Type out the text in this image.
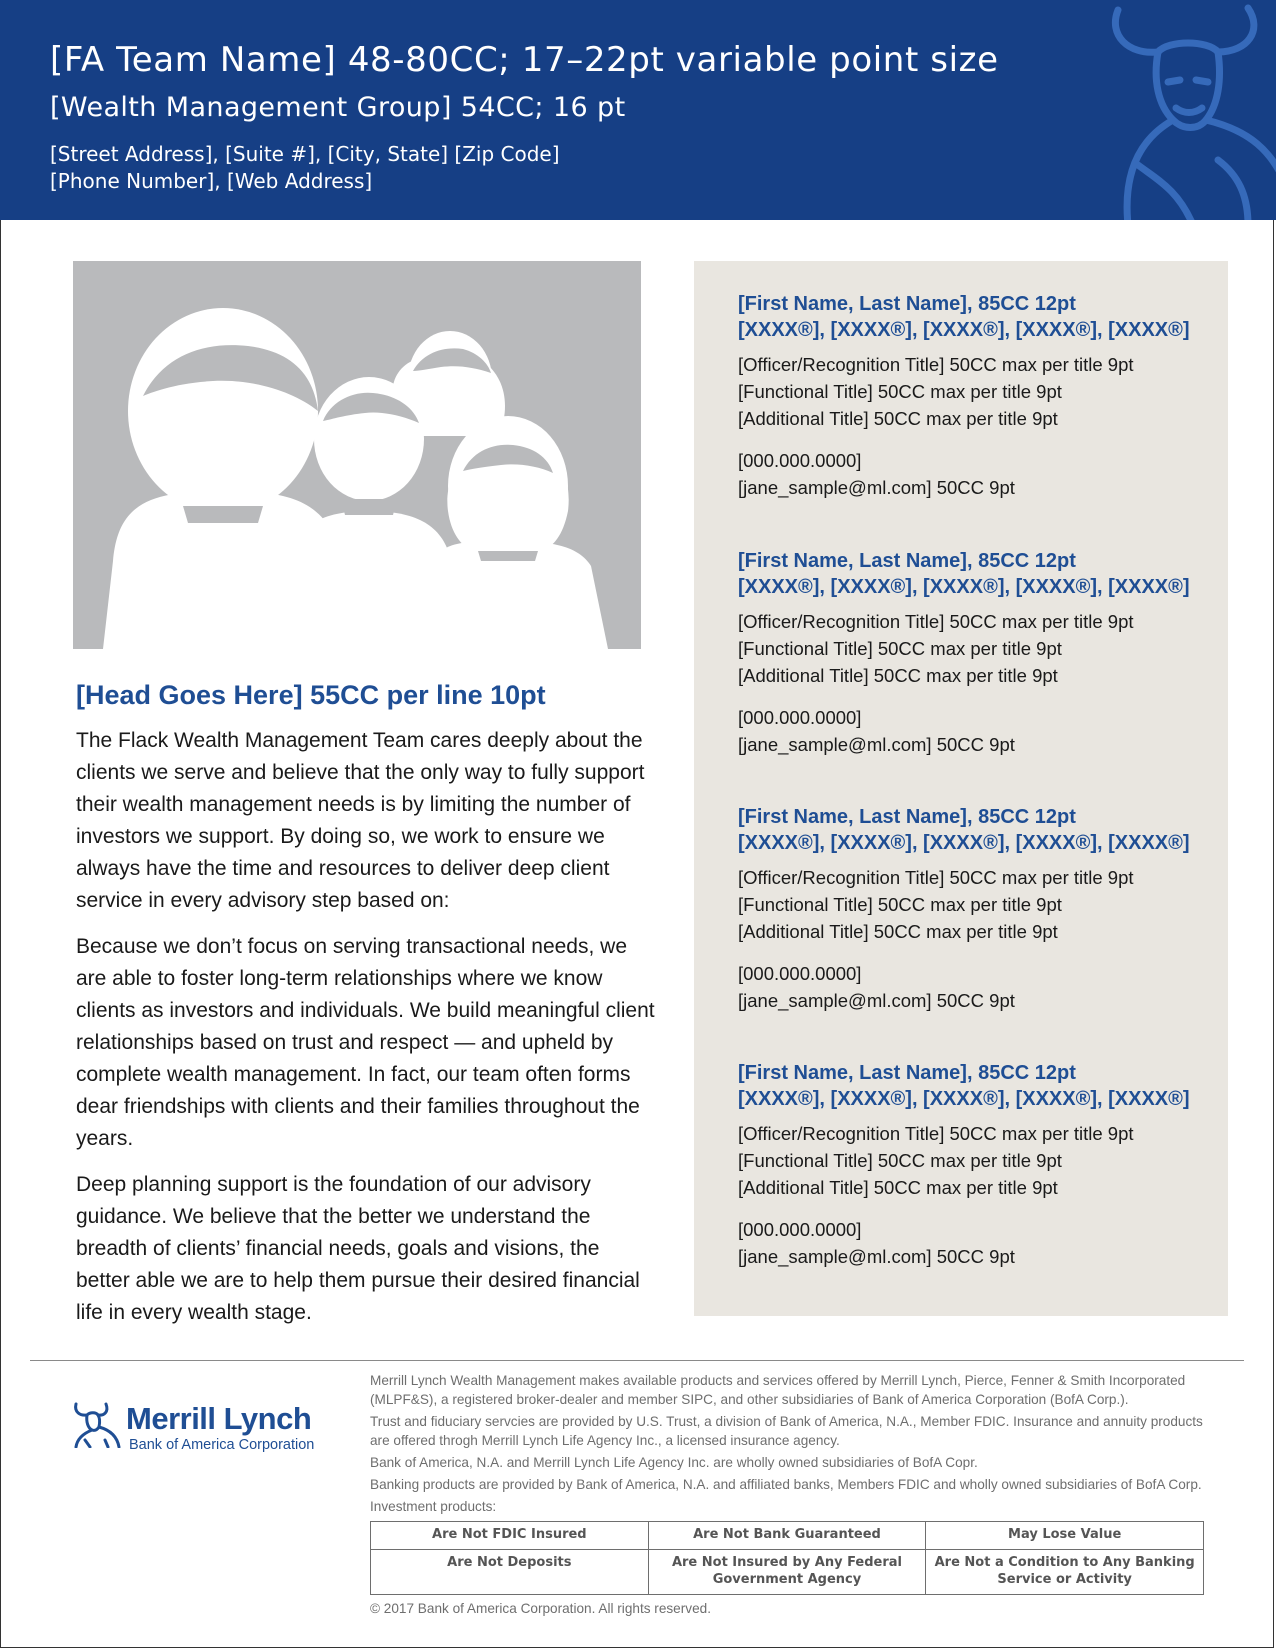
[FA Team Name] 48-80CC; 17–22pt variable point size
[Wealth Management Group] 54CC; 16 pt
[Street Address], [Suite #], [City, State] [Zip Code]
[Phone Number], [Web Address]
[Head Goes Here] 55CC per line 10pt

The Flack Wealth Management Team cares deeply about the clients we serve and believe that the only way to fully support their wealth management needs is by limiting the number of investors we support. By doing so, we work to ensure we always have the time and resources to deliver deep client service in every advisory step based on:

Because we don’t focus on serving transactional needs, we are able to foster long-term relationships where we know clients as investors and individuals. We build meaningful client relationships based on trust and respect — and upheld by complete wealth management. In fact, our team often forms dear friendships with clients and their families throughout the years.

Deep planning support is the foundation of our advisory guidance. We believe that the better we understand the breadth of clients’ financial needs, goals and visions, the better able we are to help them pursue their desired financial life in every wealth stage.

[First Name, Last Name], 85CC 12pt
[XXXX®], [XXXX®], [XXXX®], [XXXX®], [XXXX®]
[Officer/Recognition Title] 50CC max per title 9pt
[Functional Title] 50CC max per title 9pt
[Additional Title] 50CC max per title 9pt
[000.000.0000]
[jane_sample@ml.com] 50CC 9pt
[First Name, Last Name], 85CC 12pt
[XXXX®], [XXXX®], [XXXX®], [XXXX®], [XXXX®]
[Officer/Recognition Title] 50CC max per title 9pt
[Functional Title] 50CC max per title 9pt
[Additional Title] 50CC max per title 9pt
[000.000.0000]
[jane_sample@ml.com] 50CC 9pt
[First Name, Last Name], 85CC 12pt
[XXXX®], [XXXX®], [XXXX®], [XXXX®], [XXXX®]
[Officer/Recognition Title] 50CC max per title 9pt
[Functional Title] 50CC max per title 9pt
[Additional Title] 50CC max per title 9pt
[000.000.0000]
[jane_sample@ml.com] 50CC 9pt
[First Name, Last Name], 85CC 12pt
[XXXX®], [XXXX®], [XXXX®], [XXXX®], [XXXX®]
[Officer/Recognition Title] 50CC max per title 9pt
[Functional Title] 50CC max per title 9pt
[Additional Title] 50CC max per title 9pt
[000.000.0000]
[jane_sample@ml.com] 50CC 9pt
Merrill Lynch
Bank of America Corporation

Merrill Lynch Wealth Management makes available products and services offered by Merrill Lynch, Pierce, Fenner & Smith Incorporated (MLPF&S), a registered broker-dealer and member SIPC, and other subsidiaries of Bank of America Corporation (BofA Corp.).

Trust and fiduciary servcies are provided by U.S. Trust, a division of Bank of America, N.A., Member FDIC. Insurance and annuity products are offered throgh Merrill Lynch Life Agency Inc., a licensed insurance agency.

Bank of America, N.A. and Merrill Lynch Life Agency Inc. are wholly owned subsidiaries of BofA Copr.

Banking products are provided by Bank of America, N.A. and affiliated banks, Members FDIC and wholly owned subsidiaries of BofA Corp.

Investment products:

Are Not FDIC Insured	Are Not Bank Guaranteed	May Lose Value
Are Not Deposits	Are Not Insured by Any Federal Government Agency	Are Not a Condition to Any Banking Service or Activity
© 2017 Bank of America Corporation. All rights reserved.
